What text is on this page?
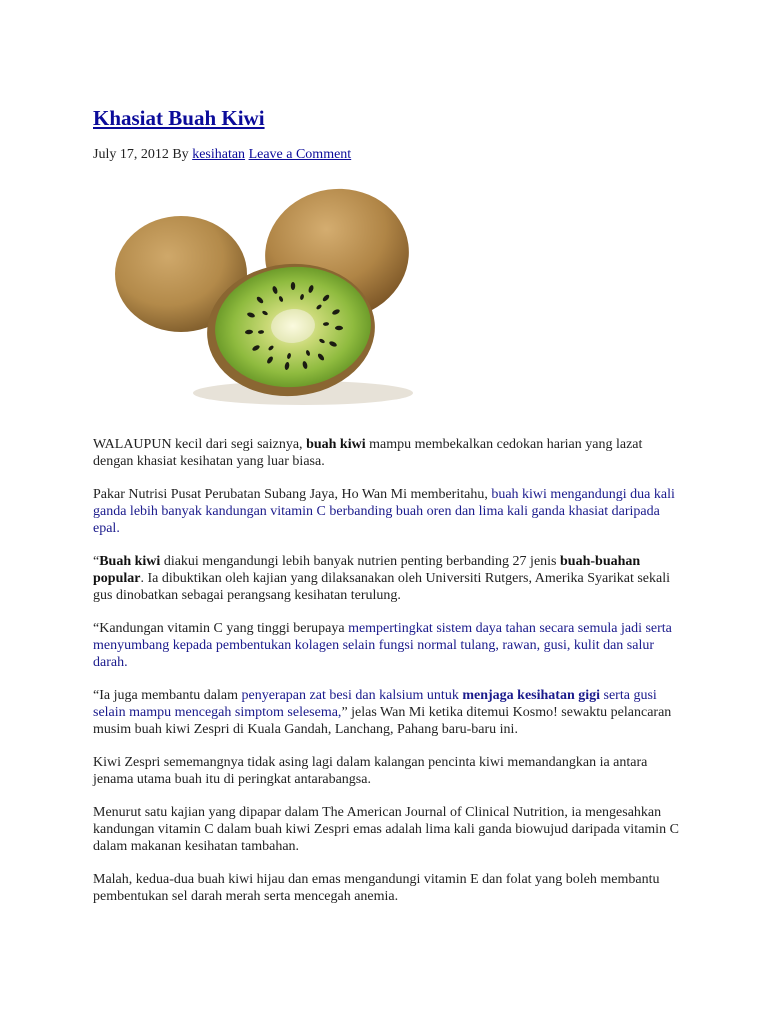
Khasiat Buah Kiwi
July 17, 2012 By kesihatan Leave a Comment

WALAUPUN kecil dari segi saiznya, buah kiwi mampu membekalkan cedokan harian yang lazat dengan khasiat kesihatan yang luar biasa.

Pakar Nutrisi Pusat Perubatan Subang Jaya, Ho Wan Mi memberitahu, buah kiwi mengandungi dua kali ganda lebih banyak kandungan vitamin C berbanding buah oren dan lima kali ganda khasiat daripada epal.

“Buah kiwi diakui mengandungi lebih banyak nutrien penting berbanding 27 jenis buah-buahan popular. Ia dibuktikan oleh kajian yang dilaksanakan oleh Universiti Rutgers, Amerika Syarikat sekali gus dinobatkan sebagai perangsang kesihatan terulung.

“Kandungan vitamin C yang tinggi berupaya mempertingkat sistem daya tahan secara semula jadi serta menyumbang kepada pembentukan kolagen selain fungsi normal tulang, rawan, gusi, kulit dan salur darah.

“Ia juga membantu dalam penyerapan zat besi dan kalsium untuk menjaga kesihatan gigi serta gusi selain mampu mencegah simptom selesema,” jelas Wan Mi ketika ditemui Kosmo! sewaktu pelancaran musim buah kiwi Zespri di Kuala Gandah, Lanchang, Pahang baru-baru ini.

Kiwi Zespri sememangnya tidak asing lagi dalam kalangan pencinta kiwi memandangkan ia antara jenama utama buah itu di peringkat antarabangsa.

Menurut satu kajian yang dipapar dalam The American Journal of Clinical Nutrition, ia mengesahkan kandungan vitamin C dalam buah kiwi Zespri emas adalah lima kali ganda biowujud daripada vitamin C dalam makanan kesihatan tambahan.

Malah, kedua-dua buah kiwi hijau dan emas mengandungi vitamin E dan folat yang boleh membantu pembentukan sel darah merah serta mencegah anemia.
